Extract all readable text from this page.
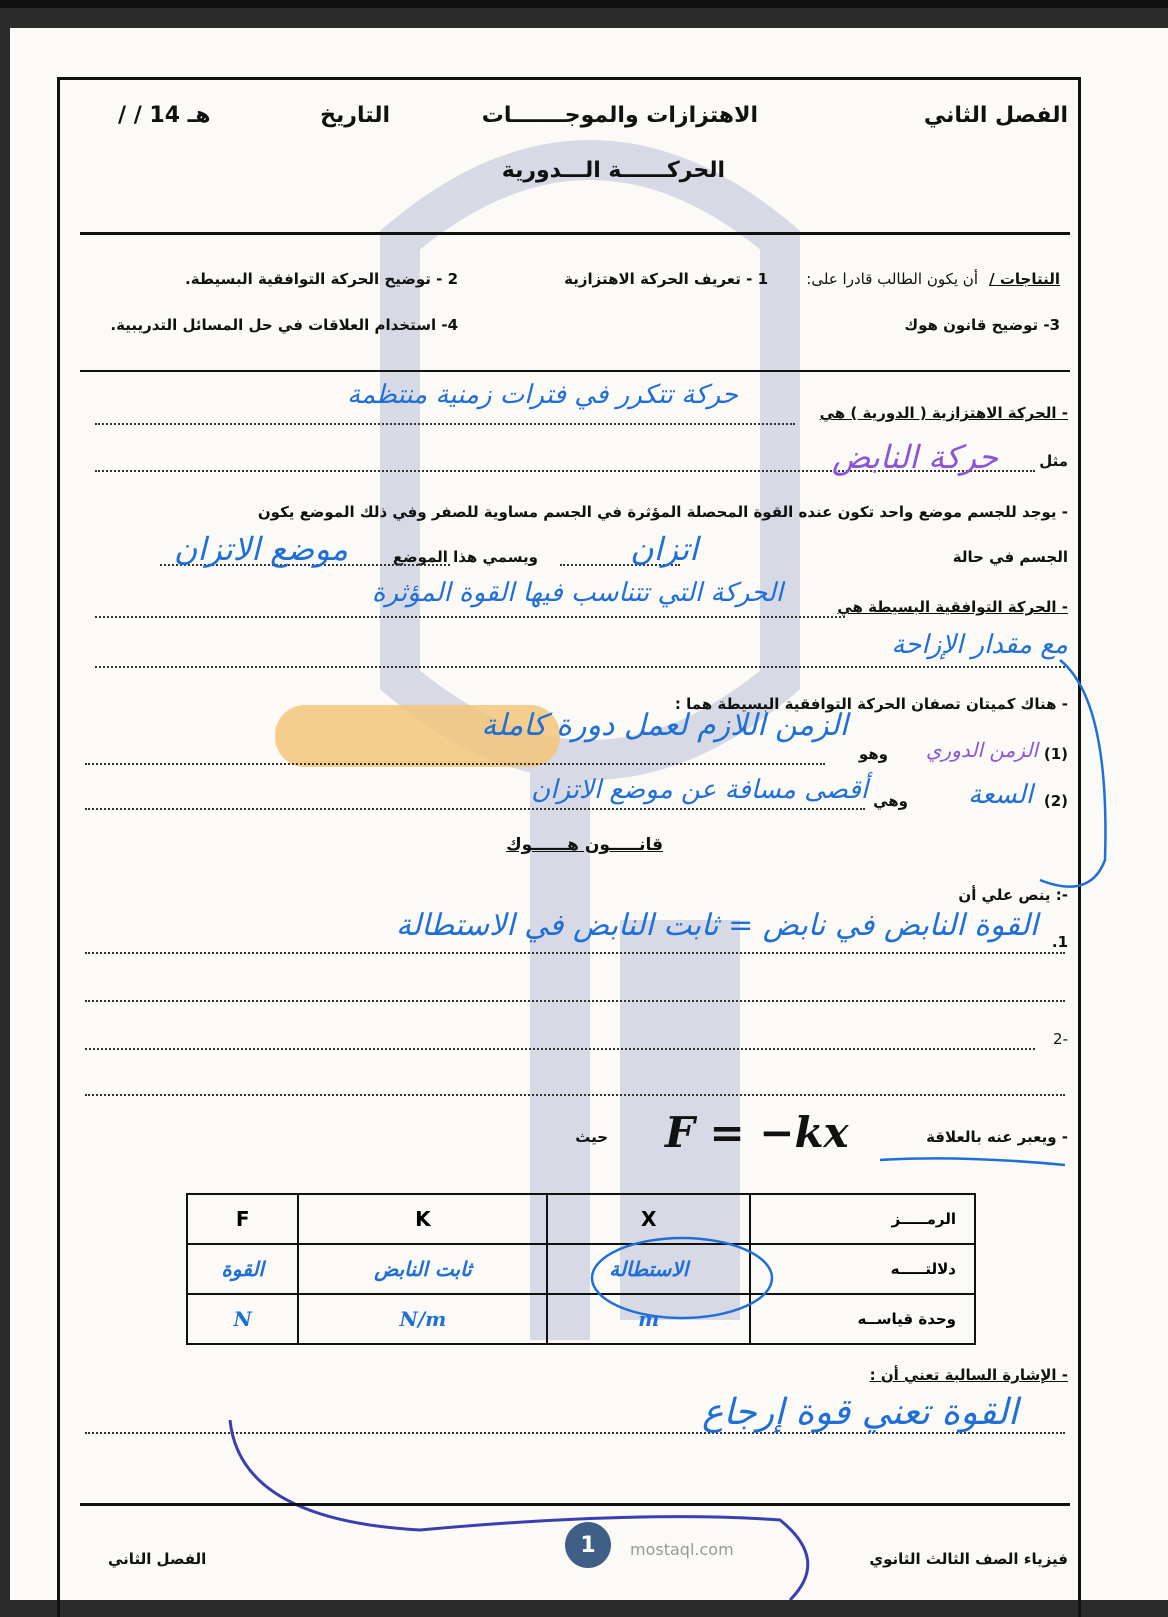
الفصل الثاني
الاهتزازات والموجـــــــات
التاريخ
/ / 14 هـ
الحركــــــة الـــدورية
النتاجات /
أن يكون الطالب قادرا على:
1 - تعريف الحركة الاهتزازية
2 - توضيح الحركة التوافقية البسيطة.
3- توضيح قانون هوك
4- استخدام العلاقات في حل المسائل التدريبية.
- الحركة الاهتزازية ( الدورية ) هي
حركة تتكرر في فترات زمنية منتظمة
مثل
حركة النابض
- يوجد للجسم موضع واحد تكون عنده القوة المحصلة المؤثرة في الجسم مساوية للصفر وفي ذلك الموضع يكون
الجسم في حالة
اتزان
ويسمي هذا الموضع
موضع الاتزان
- الحركة التوافقية البسيطة هي
الحركة التي تتناسب فيها القوة المؤثرة
مع مقدار الإزاحة
- هناك كميتان تصفان الحركة التوافقية البسيطة هما :
(1)
الزمن الدوري
وهو
الزمن اللازم لعمل دورة كاملة
(2)
السعة
وهي
أقصى مسافة عن موضع الاتزان
قانـــــون هــــــوك
-: ينص علي أن
1.
القوة النابض في نابض = ثابت النابض في الاستطالة
-2
- ويعبر عنه بالعلاقة
F = −kx
حيث
الرمـــــز	X	K	F
دلالتـــــه	الاستطالة	ثابت النابض	القوة
وحدة قياســه	m	N/m	N
- الإشارة السالبة تعني أن :
القوة تعني قوة إرجاع
فيزياء الصف الثالث الثانوي
الفصل الثاني
1	mostaql.com
